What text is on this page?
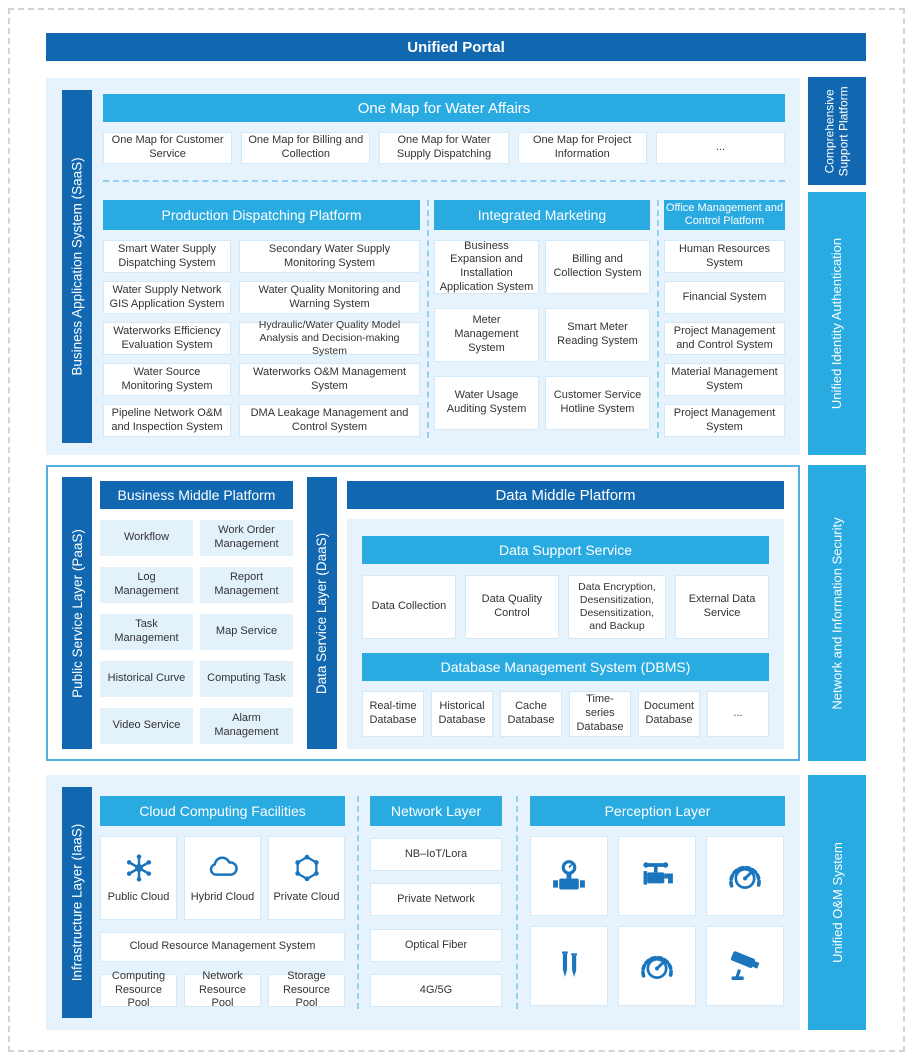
Unified Portal
Comprehensive Support Platform
Unified Identity Authentication
Network and Information Security
Unified O&M System
Business Application System (SaaS)
One Map for Water Affairs
One Map for Customer Service
One Map for Billing and Collection
One Map for Water Supply Dispatching
One Map for Project Information
...
Production Dispatching Platform
Smart Water Supply Dispatching System
Secondary Water Supply Monitoring System
Water Supply Network GIS Application System
Water Quality Monitoring and Warning System
Waterworks Efficiency Evaluation System
Hydraulic/Water Quality Model Analysis and Decision-making System
Water Source Monitoring System
Waterworks O&M Management System
Pipeline Network O&M and Inspection System
DMA Leakage Management and Control System
Integrated Marketing
Business Expansion and Installation Application System
Billing and Collection System
Meter Management System
Smart Meter Reading System
Water Usage Auditing System
Customer Service Hotline System
Office Management and Control Platform
Human Resources System
Financial System
Project Management and Control System
Material Management System
Project Management System
Public Service Layer (PaaS)
Business Middle Platform
Workflow
Work Order Management
Log Management
Report Management
Task Management
Map Service
Historical Curve	Computing Task
Video Service
Alarm Management
Data Service Layer (DaaS)
Data Middle Platform
Data Support Service
Data Collection
Data Quality Control
Data Encryption, Desensitization, Desensitization, and Backup
External Data Service
Database Management System (DBMS)
Real-time Database
Historical Database
Cache Database
Time-series Database
Document Database
...
Infrastructure Layer (IaaS)
Cloud Computing Facilities
Public Cloud Hybrid Cloud Private Cloud
Cloud Resource Management System
Computing Resource Pool
Network Resource Pool
Storage Resource Pool
Network Layer
NB–IoT/Lora
Private Network
Optical Fiber
4G/5G
Perception Layer
